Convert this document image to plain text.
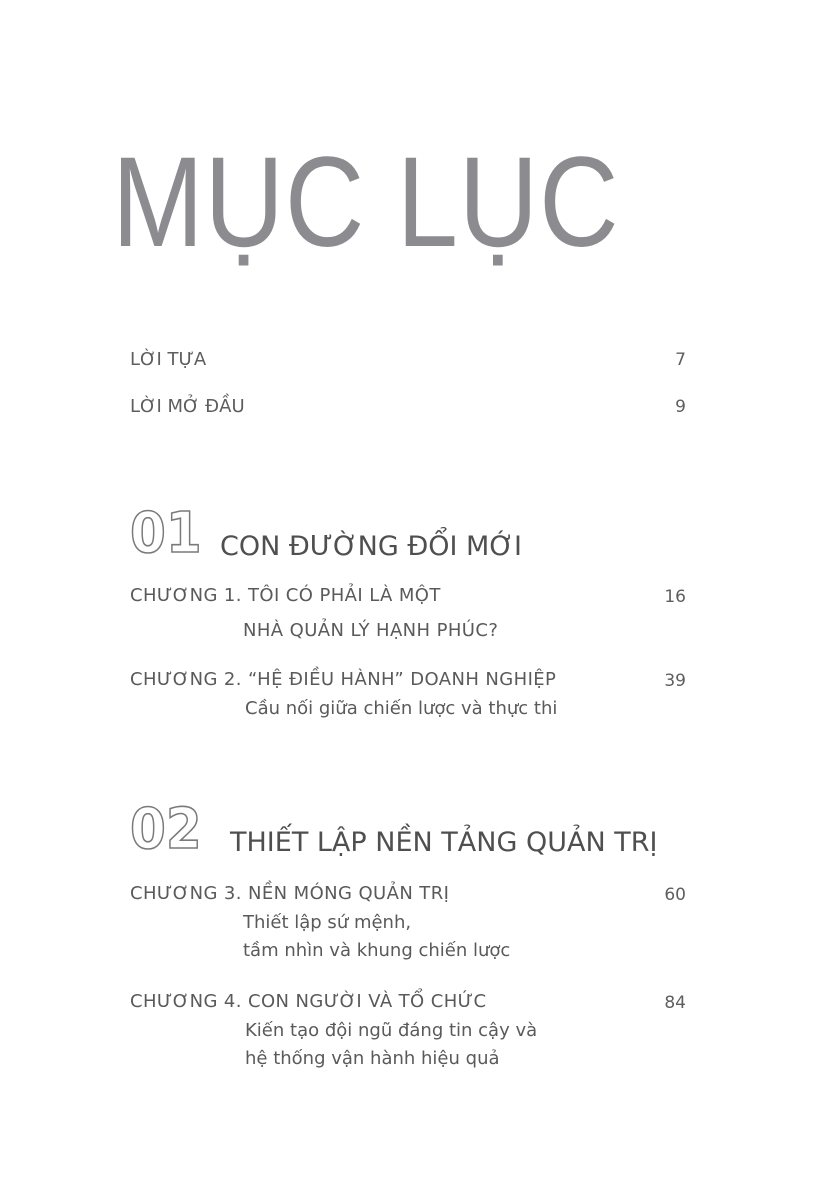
MỤC LỤC
LỜI TỰA	7
LỜI MỞ ĐẦU	9
01 CON ĐƯỜNG ĐỔI MỚI
CHƯƠNG 1. TÔI CÓ PHẢI LÀ MỘT
NHÀ QUẢN LÝ HẠNH PHÚC?
16
CHƯƠNG 2. “HỆ ĐIỀU HÀNH” DOANH NGHIỆP
Cầu nối giữa chiến lược và thực thi
39
02 THIẾT LẬP NỀN TẢNG QUẢN TRỊ
CHƯƠNG 3. NỀN MÓNG QUẢN TRỊ
Thiết lập sứ mệnh,
tầm nhìn và khung chiến lược
60
CHƯƠNG 4. CON NGƯỜI VÀ TỔ CHỨC
Kiến tạo đội ngũ đáng tin cậy và
hệ thống vận hành hiệu quả
84
